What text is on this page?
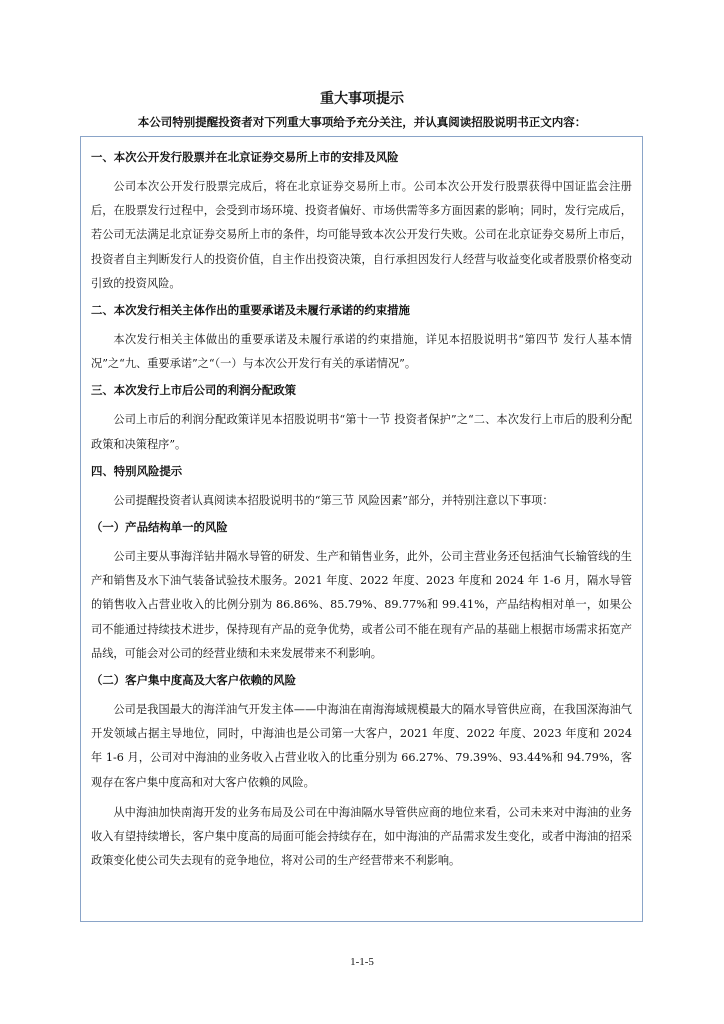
重大事项提示
本公司特别提醒投资者对下列重大事项给予充分关注，并认真阅读招股说明书正文内容：
一、本次公开发行股票并在北京证券交易所上市的安排及风险

公司本次公开发行股票完成后，将在北京证券交易所上市。公司本次公开发行股票获得中国证监会注册后，在股票发行过程中，会受到市场环境、投资者偏好、市场供需等多方面因素的影响；同时，发行完成后，若公司无法满足北京证券交易所上市的条件，均可能导致本次公开发行失败。公司在北京证券交易所上市后，投资者自主判断发行人的投资价值，自主作出投资决策，自行承担因发行人经营与收益变化或者股票价格变动引致的投资风险。

二、本次发行相关主体作出的重要承诺及未履行承诺的约束措施

本次发行相关主体做出的重要承诺及未履行承诺的约束措施，详见本招股说明书“第四节 发行人基本情况”之“九、重要承诺”之“（一）与本次公开发行有关的承诺情况”。

三、本次发行上市后公司的利润分配政策

公司上市后的利润分配政策详见本招股说明书“第十一节 投资者保护”之“二、本次发行上市后的股利分配政策和决策程序”。

四、特别风险提示

公司提醒投资者认真阅读本招股说明书的“第三节 风险因素”部分，并特别注意以下事项：

（一）产品结构单一的风险

公司主要从事海洋钻井隔水导管的研发、生产和销售业务，此外，公司主营业务还包括油气长输管线的生产和销售及水下油气装备试验技术服务。2021 年度、2022 年度、2023 年度和 2024 年 1-6 月，隔水导管的销售收入占营业收入的比例分别为 86.86%、85.79%、89.77%和 99.41%，产品结构相对单一，如果公司不能通过持续技术进步，保持现有产品的竞争优势，或者公司不能在现有产品的基础上根据市场需求拓宽产品线，可能会对公司的经营业绩和未来发展带来不利影响。

（二）客户集中度高及大客户依赖的风险

公司是我国最大的海洋油气开发主体——中海油在南海海域规模最大的隔水导管供应商，在我国深海油气开发领域占据主导地位，同时，中海油也是公司第一大客户，2021 年度、2022 年度、2023 年度和 2024 年 1-6 月，公司对中海油的业务收入占营业收入的比重分别为 66.27%、79.39%、93.44%和 94.79%，客观存在客户集中度高和对大客户依赖的风险。

从中海油加快南海开发的业务布局及公司在中海油隔水导管供应商的地位来看，公司未来对中海油的业务收入有望持续增长，客户集中度高的局面可能会持续存在，如中海油的产品需求发生变化，或者中海油的招采政策变化使公司失去现有的竞争地位，将对公司的生产经营带来不利影响。

1-1-5
